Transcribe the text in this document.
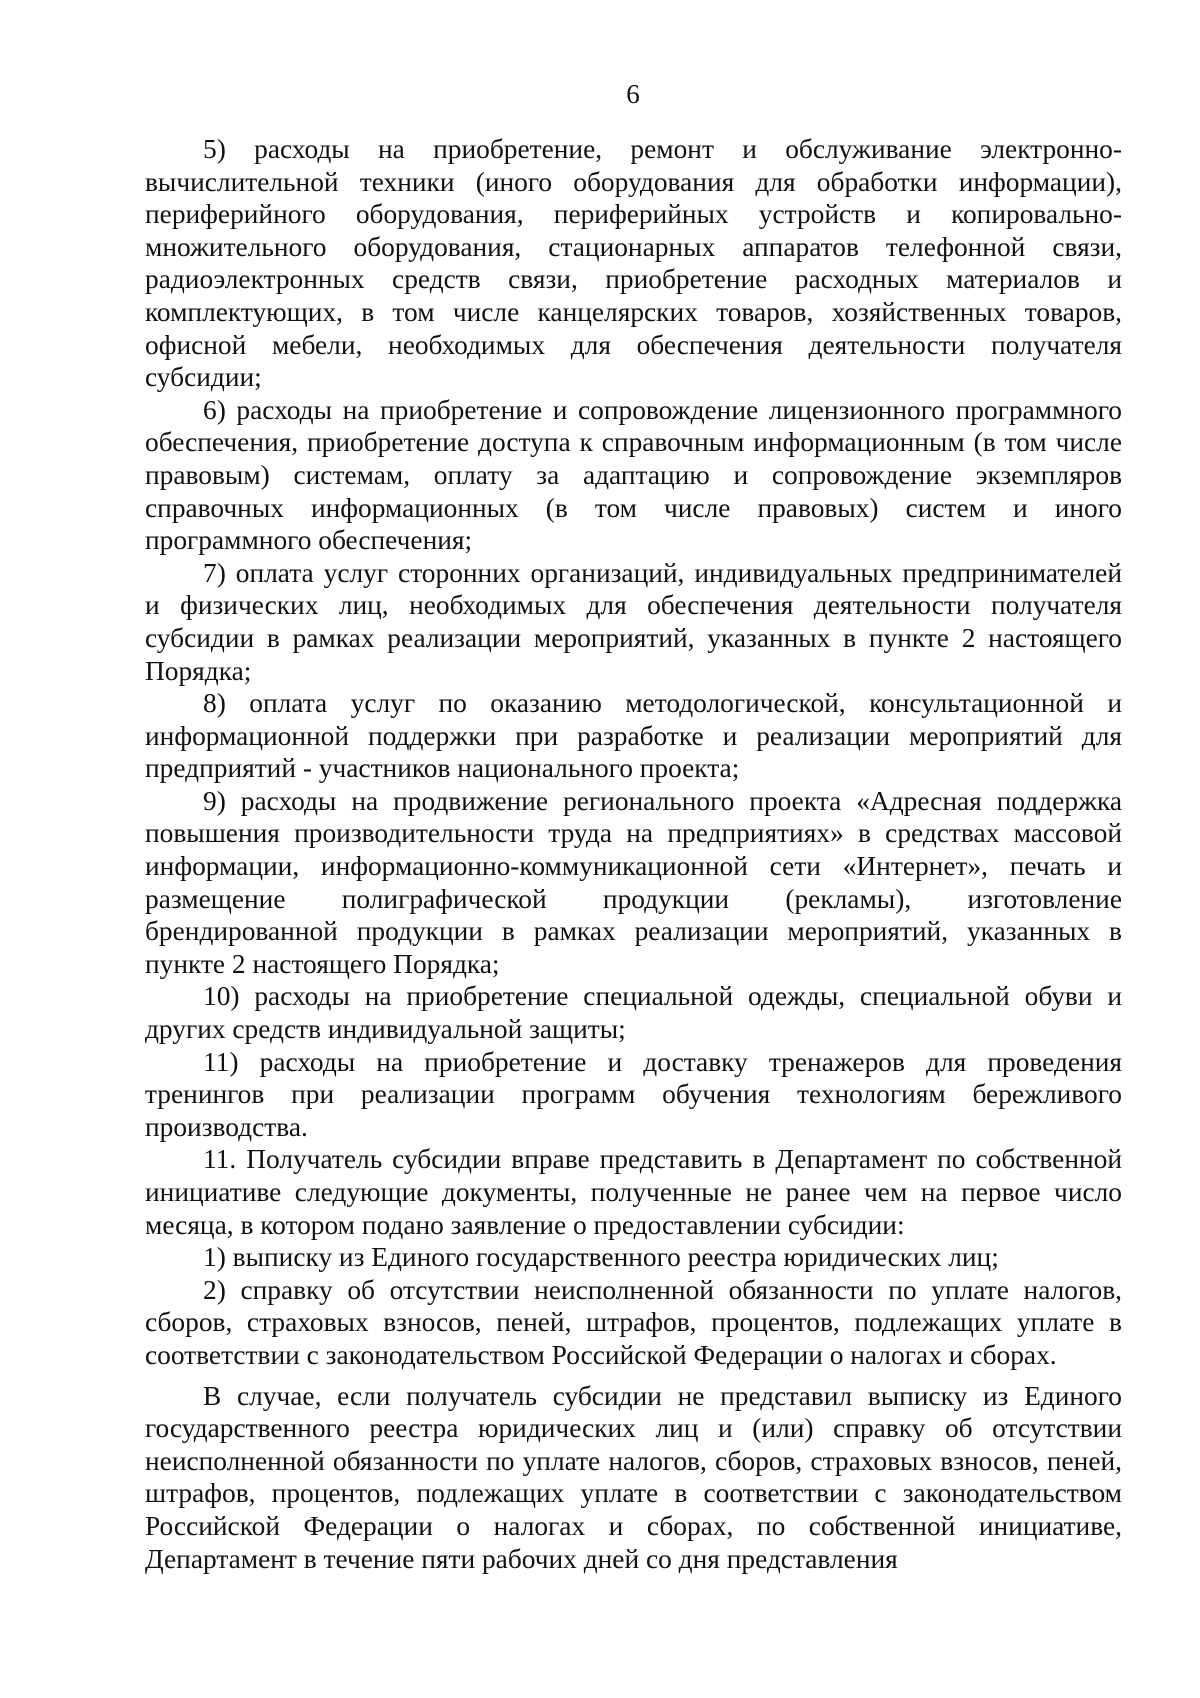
6

5) расходы на приобретение, ремонт и обслуживание электронно-вычислительной техники (иного оборудования для обработки информации), периферийного оборудования, периферийных устройств и копировально-множительного оборудования, стационарных аппаратов телефонной связи, радиоэлектронных средств связи, приобретение расходных материалов и комплектующих, в том числе канцелярских товаров, хозяйственных товаров, офисной мебели, необходимых для обеспечения деятельности получателя субсидии;

6) расходы на приобретение и сопровождение лицензионного программного обеспечения, приобретение доступа к справочным информационным (в том числе правовым) системам, оплату за адаптацию и сопровождение экземпляров справочных информационных (в том числе правовых) систем и иного программного обеспечения;

7) оплата услуг сторонних организаций, индивидуальных предпринимателей и физических лиц, необходимых для обеспечения деятельности получателя субсидии в рамках реализации мероприятий, указанных в пункте 2 настоящего Порядка;

8) оплата услуг по оказанию методологической, консультационной и информационной поддержки при разработке и реализации мероприятий для предприятий - участников национального проекта;

9) расходы на продвижение регионального проекта «Адресная поддержка повышения производительности труда на предприятиях» в средствах массовой информации, информационно-коммуникационной сети «Интернет», печать и размещение полиграфической продукции (рекламы), изготовление брендированной продукции в рамках реализации мероприятий, указанных в пункте 2 настоящего Порядка;

10) расходы на приобретение специальной одежды, специальной обуви и других средств индивидуальной защиты;

11) расходы на приобретение и доставку тренажеров для проведения тренингов при реализации программ обучения технологиям бережливого производства.

11. Получатель субсидии вправе представить в Департамент по собственной инициативе следующие документы, полученные не ранее чем на первое число месяца, в котором подано заявление о предоставлении субсидии:

1) выписку из Единого государственного реестра юридических лиц;

2) справку об отсутствии неисполненной обязанности по уплате налогов, сборов, страховых взносов, пеней, штрафов, процентов, подлежащих уплате в соответствии с законодательством Российской Федерации о налогах и сборах.

В случае, если получатель субсидии не представил выписку из Единого государственного реестра юридических лиц и (или) справку об отсутствии неисполненной обязанности по уплате налогов, сборов, страховых взносов, пеней, штрафов, процентов, подлежащих уплате в соответствии с законодательством Российской Федерации о налогах и сборах, по собственной инициативе, Департамент в течение пяти рабочих дней со дня представления
